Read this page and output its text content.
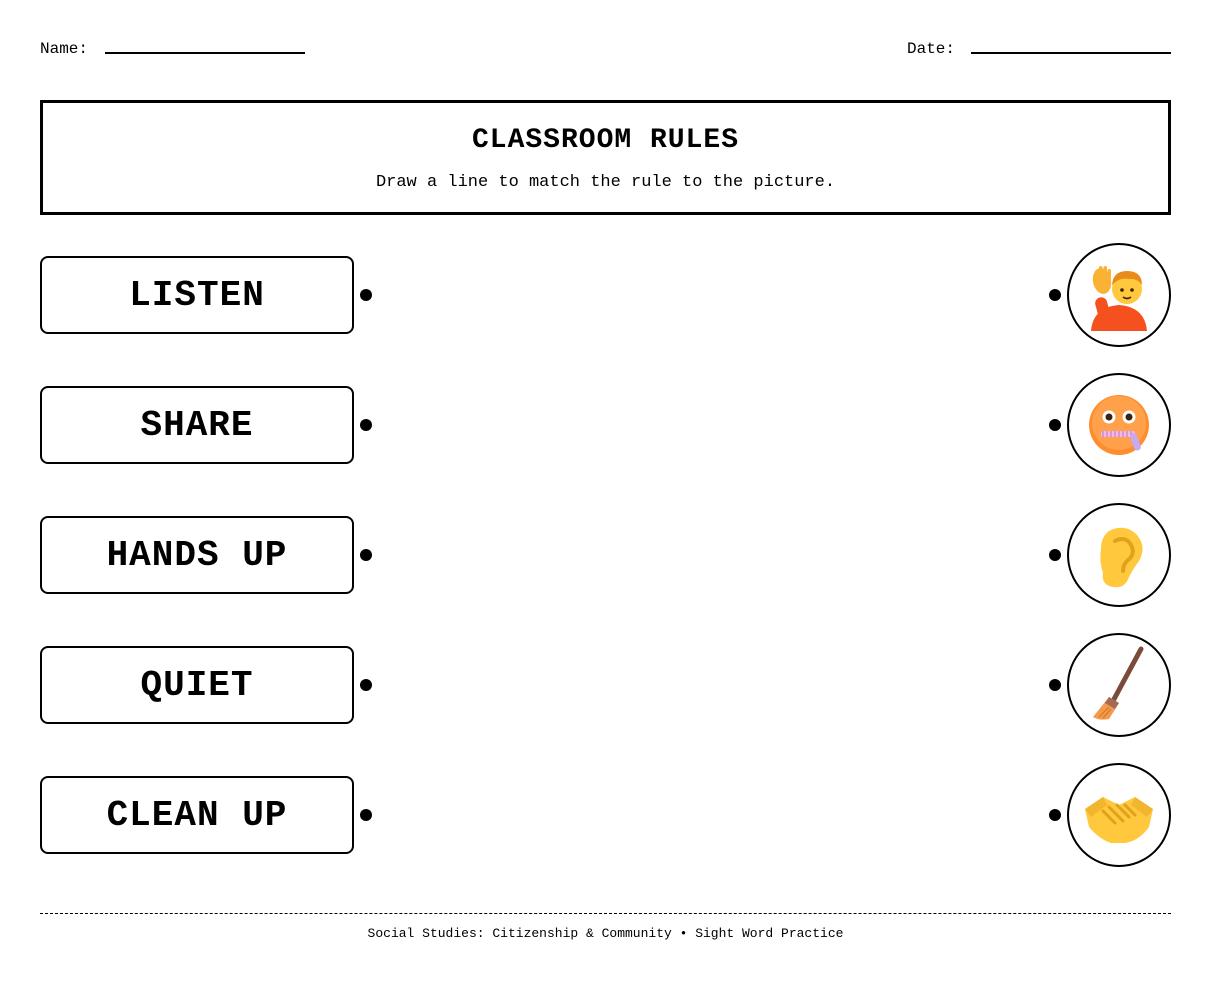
Name:	Date:
CLASSROOM RULES
Draw a line to match the rule to the picture.
LISTEN
SHARE
HANDS UP
QUIET
CLEAN UP
Social Studies: Citizenship & Community • Sight Word Practice
